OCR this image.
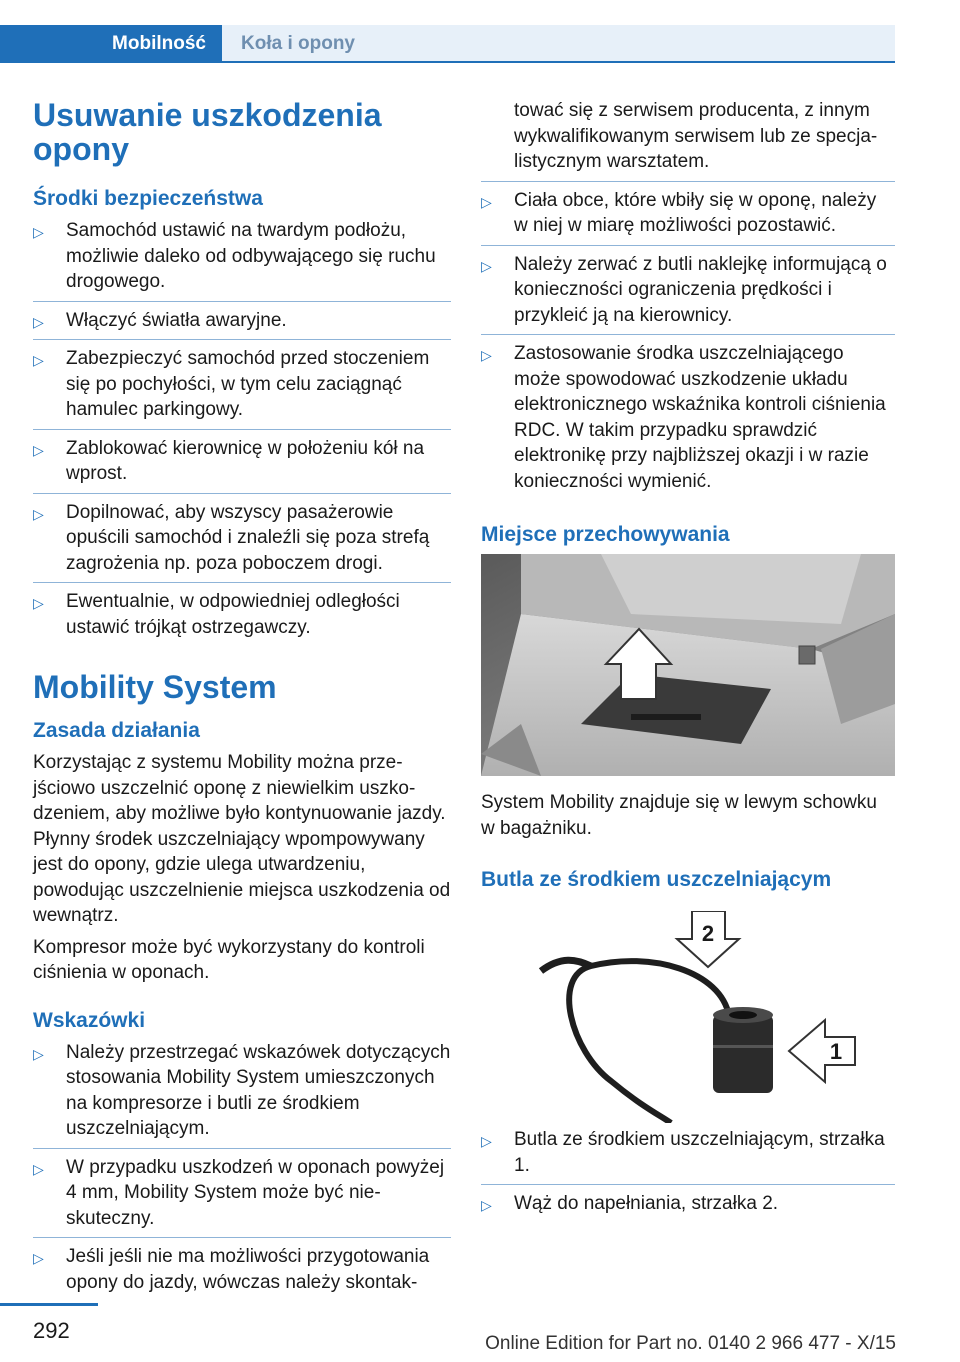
Mobilność Koła i opony
Usuwanie uszkodzenia opony
Środki bezpieczeństwa
▷ Samochód ustawić na twardym podłożu, możliwie daleko od odbywającego się ruchu drogowego.
▷ Włączyć światła awaryjne.
▷ Zabezpieczyć samochód przed stoczeniem się po pochyłości, w tym celu zaciągnąć hamulec parkingowy.
▷ Zablokować kierownicę w położeniu kół na wprost.
▷ Dopilnować, aby wszyscy pasażerowie opuścili samochód i znaleźli się poza strefą zagrożenia np. poza poboczem drogi.
▷ Ewentualnie, w odpowiedniej odległości ustawić trójkąt ostrzegawczy.
Mobility System
Zasada działania

Korzystając z systemu Mobility można przejściowo uszczelnić oponę z niewielkim uszkodzeniem, aby możliwe było kontynuowanie jazdy. Płynny środek uszczelniający wpompowywany jest do opony, gdzie ulega utwardzeniu, powodując uszczelnienie miejsca uszkodzenia od wewnątrz.

Kompresor może być wykorzystany do kontroli ciśnienia w oponach.

Wskazówki
▷ Należy przestrzegać wskazówek dotyczących stosowania Mobility System umieszczonych na kompresorze i butli ze środkiem uszczelniającym.
▷ W przypadku uszkodzeń w oponach powyżej 4 mm, Mobility System może być nieskuteczny.
▷ Jeśli jeśli nie ma możliwości przygotowania opony do jazdy, wówczas należy skontak-
tować się z serwisem producenta, z innym wykwalifikowanym serwisem lub ze specjalistycznym warsztatem.
▷ Ciała obce, które wbiły się w oponę, należy w niej w miarę możliwości pozostawić.
▷ Należy zerwać z butli naklejkę informującą o konieczności ograniczenia prędkości i przykleić ją na kierownicy.
▷ Zastosowanie środka uszczelniającego może spowodować uszkodzenie układu elektronicznego wskaźnika kontroli ciśnienia RDC. W takim przypadku sprawdzić elektronikę przy najbliższej okazji i w razie konieczności wymienić.
Miejsce przechowywania

System Mobility znajduje się w lewym schowku w bagażniku.

Butla ze środkiem uszczelniającym
2
1
▷ Butla ze środkiem uszczelniającym, strzałka 1.
▷ Wąż do napełniania, strzałka 2.
292
Online Edition for Part no. 0140 2 966 477 - X/15
